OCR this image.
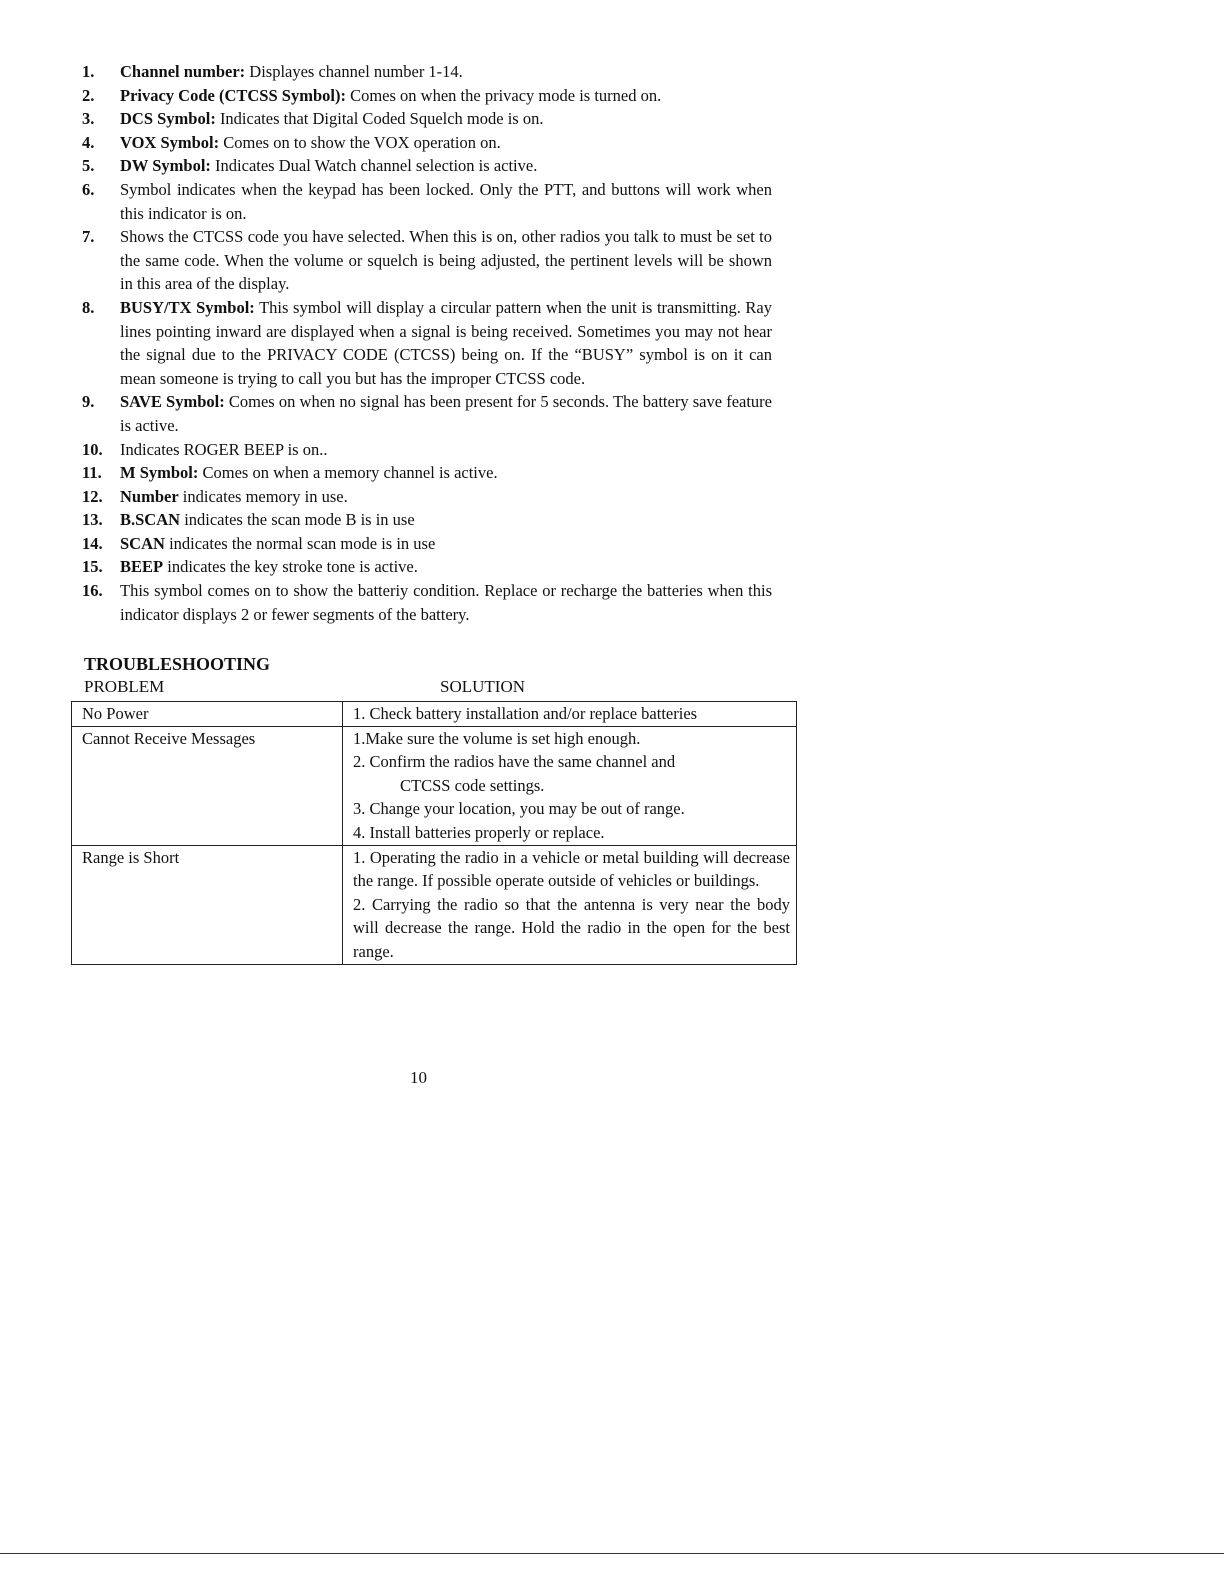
1. Channel number: Displayes channel number 1-14.
2. Privacy Code (CTCSS Symbol): Comes on when the privacy mode is turned on.
3. DCS Symbol: Indicates that Digital Coded Squelch mode is on.
4. VOX Symbol: Comes on to show the VOX operation on.
5. DW Symbol: Indicates Dual Watch channel selection is active.
6. Symbol indicates when the keypad has been locked. Only the PTT, and buttons will work when this indicator is on.
7. Shows the CTCSS code you have selected. When this is on, other radios you talk to must be set to the same code. When the volume or squelch is being adjusted, the pertinent levels will be shown in this area of the display.
8. BUSY/TX Symbol: This symbol will display a circular pattern when the unit is transmitting. Ray lines pointing inward are displayed when a signal is being received. Sometimes you may not hear the signal due to the PRIVACY CODE (CTCSS) being on. If the “BUSY” symbol is on it can mean someone is trying to call you but has the improper CTCSS code.
9. SAVE Symbol: Comes on when no signal has been present for 5 seconds. The battery save feature is active.
10. Indicates ROGER BEEP is on..
11. M Symbol: Comes on when a memory channel is active.
12. Number indicates memory in use.
13. B.SCAN indicates the scan mode B is in use
14. SCAN indicates the normal scan mode is in use
15. BEEP indicates the key stroke tone is active.
16. This symbol comes on to show the batteriy condition. Replace or recharge the batteries when this indicator displays 2 or fewer segments of the battery.
TROUBLESHOOTING
PROBLEM	SOLUTION
No Power	1. Check battery installation and/or replace batteries

Cannot Receive Messages	1.Make sure the volume is set high enough.
2. Confirm the radios have the same channel and
CTCSS code settings.
3. Change your location, you may be out of range.
4. Install batteries properly or replace.

Range is Short	1. Operating the radio in a vehicle or metal building will decrease the range. If possible operate outside of vehicles or buildings.
2. Carrying the radio so that the antenna is very near the body will decrease the range. Hold the radio in the open for the best range.
10
